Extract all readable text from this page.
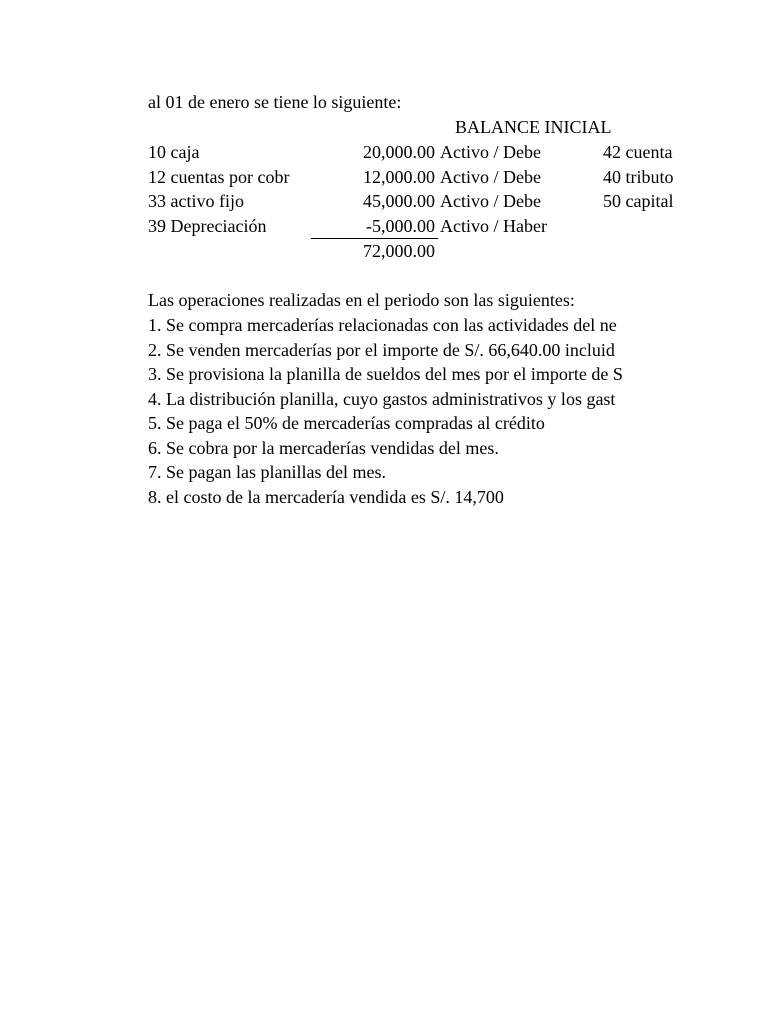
al 01 de enero se tiene lo siguiente:
BALANCE INICIAL
10 caja	20,000.00 Activo / Debe	42 cuenta
12 cuentas por cobr	12,000.00 Activo / Debe	40 tributo
33 activo fijo	45,000.00 Activo / Debe	50 capital
39 Depreciación	-5,000.00 Activo / Haber
72,000.00
Las operaciones realizadas en el periodo son las siguientes:
1. Se compra mercaderías relacionadas con las actividades del ne
2. Se venden mercaderías por el importe de S/. 66,640.00 incluid
3. Se provisiona la planilla de sueldos del mes por el importe de S
4. La distribución planilla, cuyo gastos administrativos y los gast
5. Se paga el 50% de mercaderías compradas al crédito
6. Se cobra por la mercaderías vendidas del mes.
7. Se pagan las planillas del mes.
8. el costo de la mercadería vendida es S/. 14,700
